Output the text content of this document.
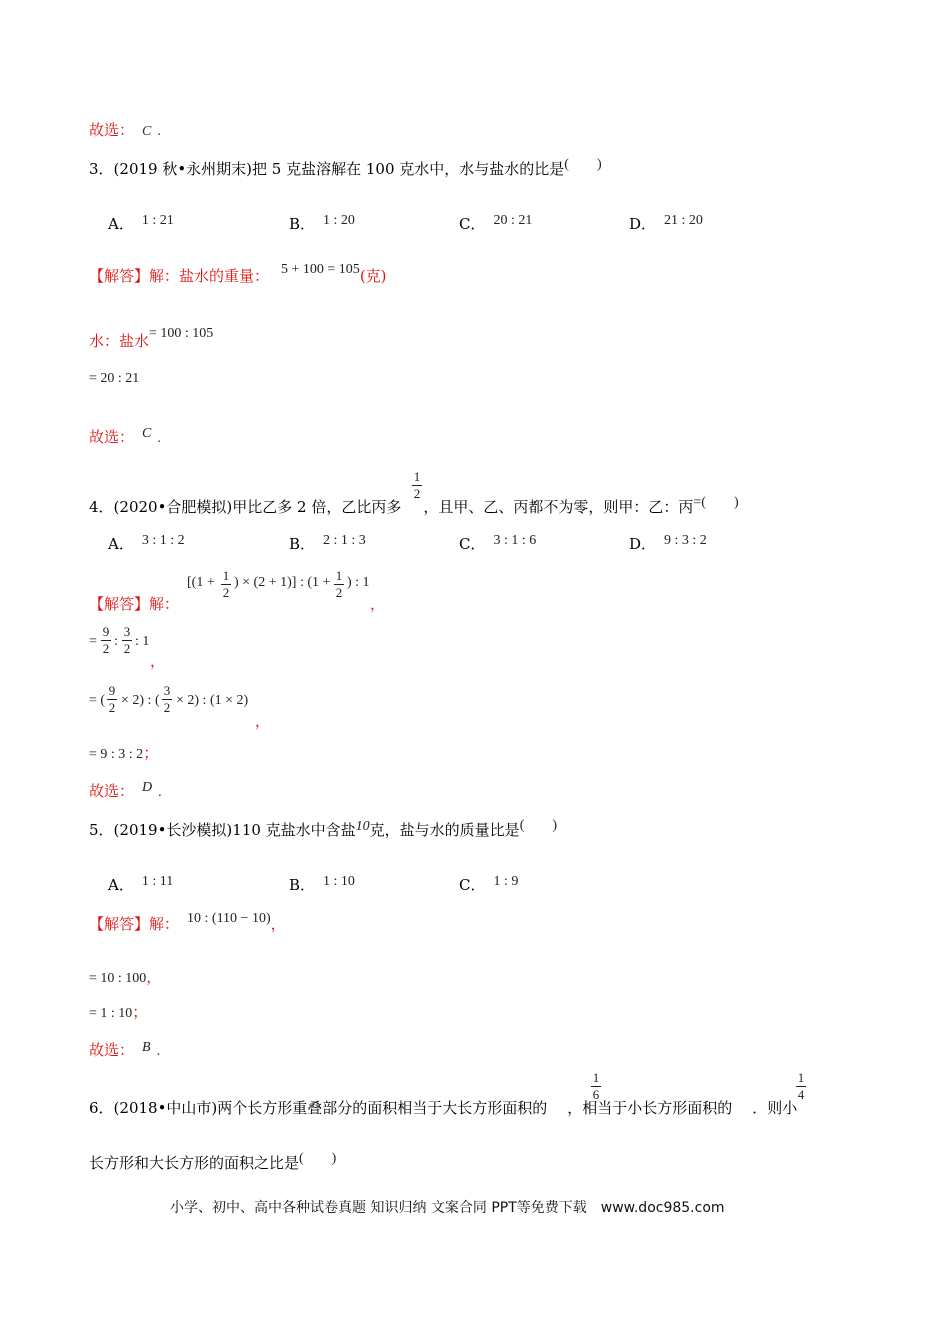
故选： C .
3．(2019 秋•永州期末)把 5 克盐溶解在 100 克水中，水与盐水的比是(　　)
A． 1 : 21	B． 1 : 20	C． 20 : 21	D． 21 : 20
【解答】解：盐水的重量： 5 + 100 = 105(克)
水：盐水= 100 : 105
= 20 : 21
故选： C .
4．(2020•合肥模拟)甲比乙多 2 倍，乙比丙多 ，且甲、乙、丙都不为零，则甲：乙：丙=(　　)
1
2
A． 3 : 1 : 2	B． 2 : 1 : 3	C． 3 : 1 : 6	D． 9 : 3 : 2
【解答】解：
[(1 + 1
2
) × (2 + 1)] : (1 + 1
2
) : 1
，
=
9
2 :
3
2 : 1
，
= (
9
2 × 2) : (
3
2 × 2) : (1 × 2)
，
= 9 : 3 : 2；
故选： D .
5．(2019•长沙模拟)110 克盐水中含盐10克，盐与水的质量比是(　　)
A． 1 : 11	B． 1 : 10	C． 1 : 9
【解答】解： 10 : (110 − 10)，
= 10 : 100，
= 1 : 10；
故选： B .
6．(2018•中山市)两个长方形重叠部分的面积相当于大长方形面积的 ，相当于小长方形面积的 ．则小
1
6
1
4
长方形和大长方形的面积之比是(　　)
小学、初中、高中各种试卷真题 知识归纳 文案合同 PPT等免费下载　www.doc985.com
